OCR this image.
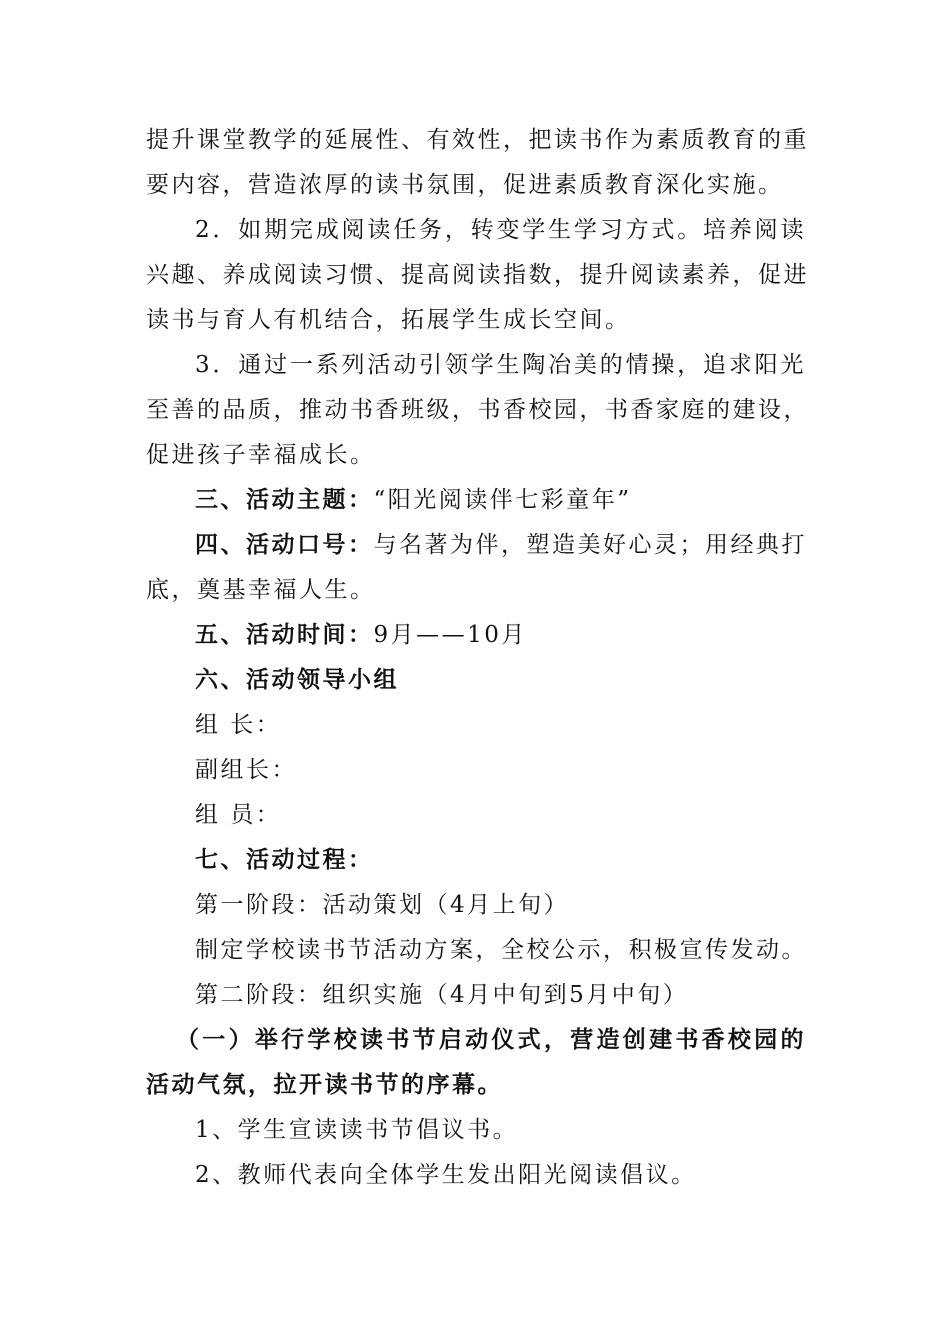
提升课堂教学的延展性、有效性，把读书作为素质教育的重
要内容，营造浓厚的读书氛围，促进素质教育深化实施。
2．如期完成阅读任务，转变学生学习方式。培养阅读
兴趣、养成阅读习惯、提高阅读指数，提升阅读素养，促进
读书与育人有机结合，拓展学生成长空间。
3．通过一系列活动引领学生陶冶美的情操，追求阳光
至善的品质，推动书香班级，书香校园，书香家庭的建设，
促进孩子幸福成长。
三、活动主题：“阳光阅读伴七彩童年”
四、活动口号：与名著为伴，塑造美好心灵；用经典打
底，奠基幸福人生。
五、活动时间：9月——10月
六、活动领导小组
组 长：
副组长：
组 员：
七、活动过程：
第一阶段：活动策划（4月上旬）
制定学校读书节活动方案，全校公示，积极宣传发动。
第二阶段：组织实施（4月中旬到5月中旬）
（一）举行学校读书节启动仪式，营造创建书香校园的
活动气氛，拉开读书节的序幕。
1、学生宣读读书节倡议书。
2、教师代表向全体学生发出阳光阅读倡议。
